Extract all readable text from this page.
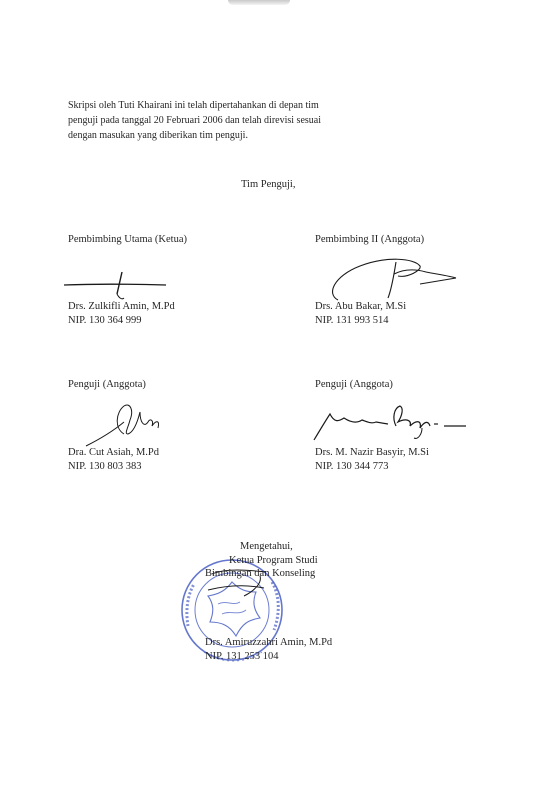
Skripsi oleh Tuti Khairani ini telah dipertahankan di depan tim
penguji pada tanggal 20 Februari 2006 dan telah direvisi sesuai
dengan masukan yang diberikan tim penguji.
Tim Penguji,
Pembimbing Utama (Ketua)
Drs. Zulkifli Amin, M.Pd
NIP. 130 364 999
Pembimbing II (Anggota)
Drs. Abu Bakar, M.Si
NIP. 131 993 514
Penguji (Anggota)
Dra. Cut Asiah, M.Pd
NIP. 130 803 383
Penguji (Anggota)
Drs. M. Nazir Basyir, M.Si
NIP. 130 344 773
Mengetahui,
Ketua Program Studi
Bimbingan dan Konseling
Drs. Amiruzzahri Amin, M.Pd
NIP. 131 253 104
